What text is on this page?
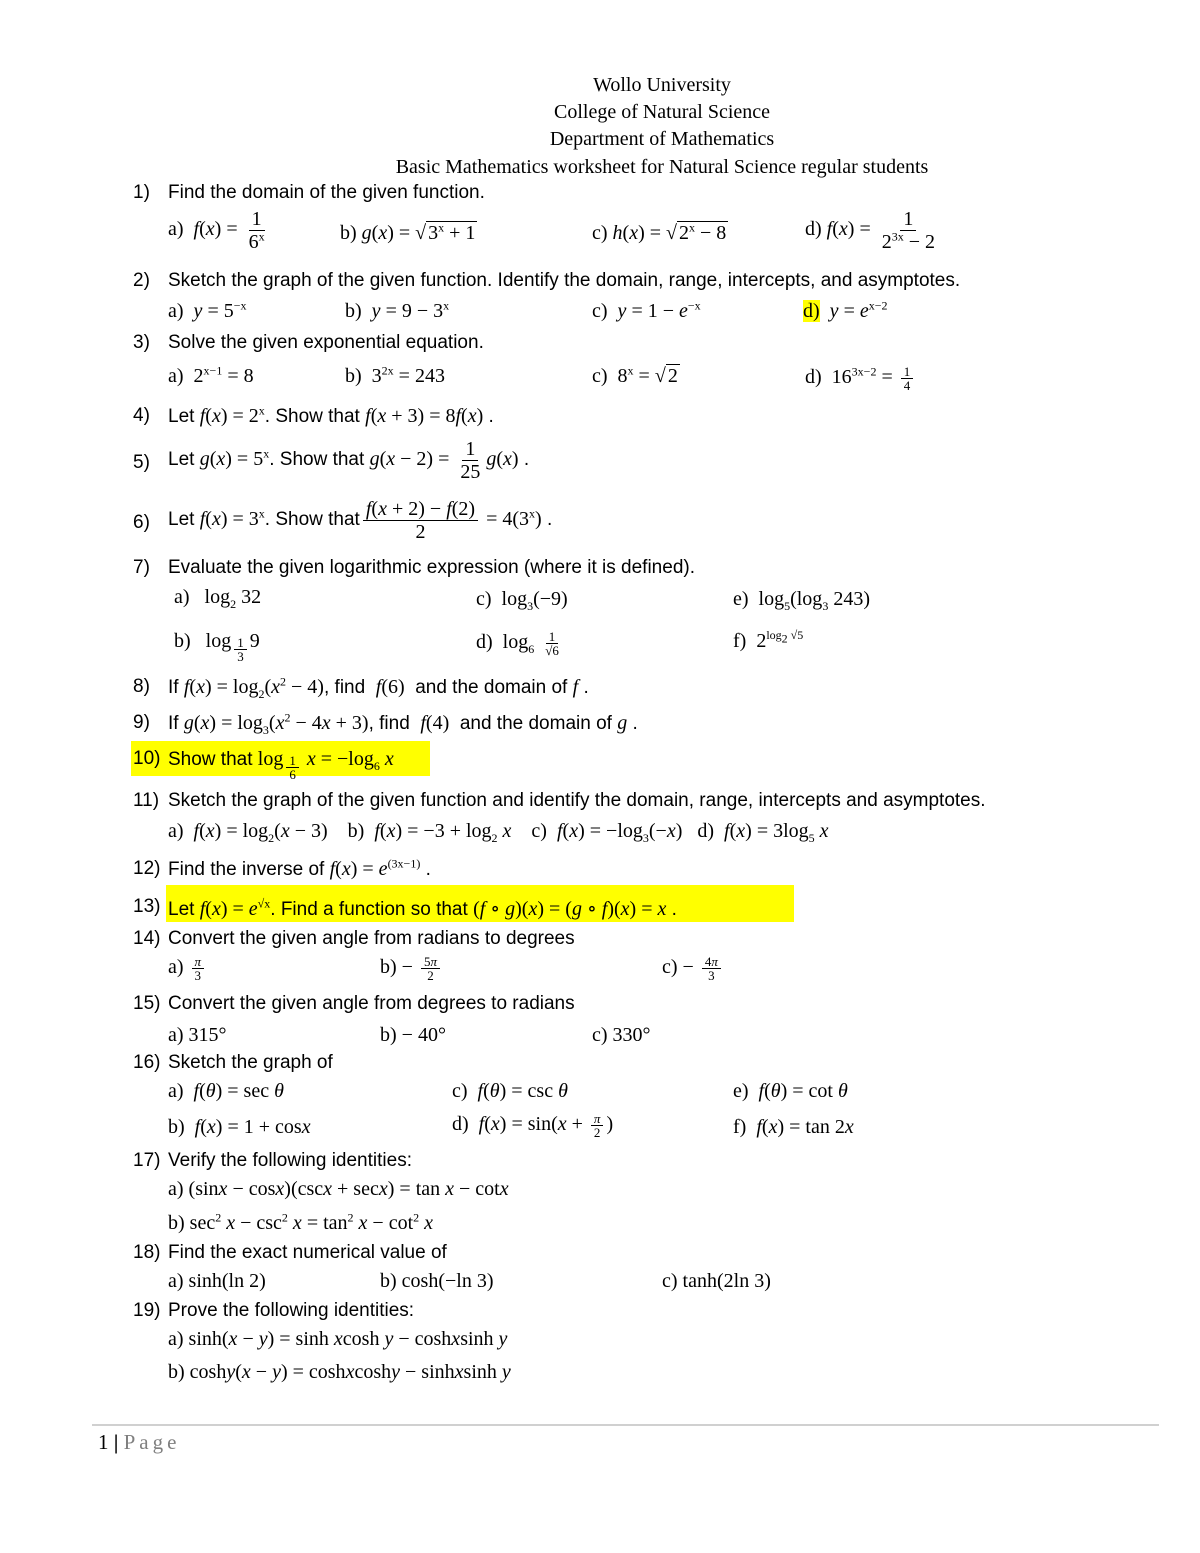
Wollo University
College of Natural Science
Department of Mathematics
Basic Mathematics worksheet for Natural Science regular students
1) Find the domain of the given function.
a)  $f(x) = \frac{1}{6^x}$	b) g(x) = √ $3^x + 1$	c) h(x) = √ $2^x - 8$	d) $f(x) = \frac{1}{2^{3x} - 2}$
2) Sketch the graph of the given function. Identify the domain, range, intercepts, and asymptotes.
a)  $y = 5^{-x}$	b)  $y = 9 - 3^x$	c)  $y = 1 - e^{-x}$	d) $y = e^{x-2}$
3) Solve the given exponential equation.
a)  $2^{x-1} = 8$	b)  $3^{2x} = 243$	c)  $8^x$ = √ 2	d)  $16^{3x-2} = \frac{1}{4}$
4) Let $f(x) = 2^x$. Show that f(x + 3) = 8f(x) .
5) Let $g(x) = 5^x$. Show that $g(x - 2) = \frac{1}{25} g(x)$ .
6) Let $f(x) = 3^x$. Show that $\frac{f(x + 2) - f(2)}{2} = 4(3^x)$ .
7) Evaluate the given logarithmic expression (where it is defined).
a)   $\log_2 32$	c)  $\log_3(-9)$	e)  $\log_5(\log_3$ 243)
b)   log $_{\frac{1}{3}}$ 9	d)  $\log_6 \frac{1}{√6}$	f)  $2^{log_2 √5}$
8) If $f(x) = \log_2(x^2 - 4)$, find f(6) and the domain of f .
9) If $g(x) = \log_3(x^2 - 4x + 3)$, find f(4) and the domain of g .
10) Show that log $_{\frac{1}{6}}$ $x = -\log_6$ x
11) Sketch the graph of the given function and identify the domain, range, intercepts and asymptotes.
a)  $f(x) = \log_2(x - 3)$    b)  $f(x) = -3 + \log_2 x$    c)  $f(x) = -\log_3(-x)$   d)  $f(x) = 3\log_5$ x
12) Find the inverse of $f(x) = e^{(3x-1)}$ .
13) Let $f(x) = e^{√x}$. Find a function so that (f ∘ g)(x) = (g ∘ f)(x) = x .
14) Convert the given angle from radians to degrees
$a) \frac{\pi}{3}$	$b) - \frac{5\pi}{2}$	$c) - \frac{4\pi}{3}$
15) Convert the given angle from degrees to radians
a) 315°	b) − 40°	c) 330°
16) Sketch the graph of
a)  f(θ) = sec θ	c)  f(θ) = csc θ	e)  f(θ) = cot θ
b)  f(x) = 1 + cosx	d)  $f(x) = \sin(x + \frac{\pi}{2}$ )	f)  f(x) = tan 2x
17) Verify the following identities:
a) (sinx − cosx)(cscx + secx) = tan x − cotx
b) $\sec^2 x - \csc^2 x = \tan^2 x - \cot^2 x$
18) Find the exact numerical value of
a) sinh(ln 2)	b) cosh(−ln 3)	c) tanh(2ln 3)
19) Prove the following identities:
a) sinh(x − y) = sinh xcosh y − coshxsinh y
b) coshy(x − y) = coshxcoshy − sinhxsinh y
1 | Page
